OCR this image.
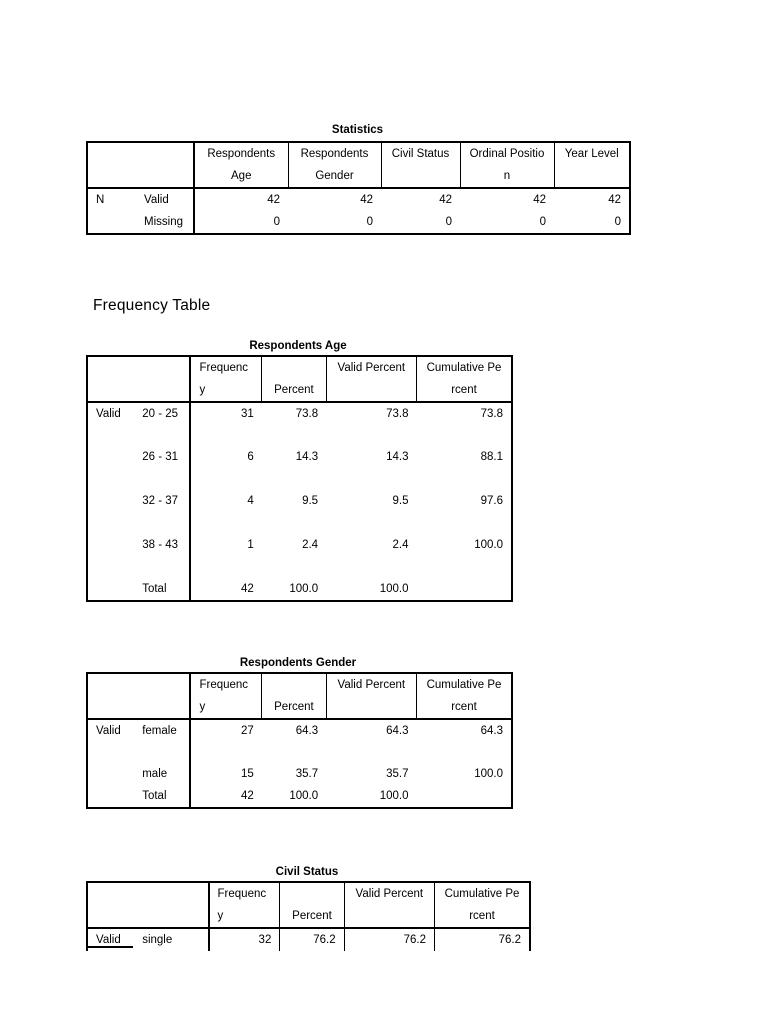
Statistics
		Respondents Age	Respondents Gender	Civil Status	Ordinal Position	Year Level
N	Valid	42	42	42	42	42
	Missing	0	0	0	0	0
Frequency Table
Respondents Age
		Frequency	Percent	Valid Percent	Cumulative Percent
Valid	20 - 25	31	73.8	73.8	73.8
	26 - 31	6	14.3	14.3	88.1
	32 - 37	4	9.5	9.5	97.6
	38 - 43	1	2.4	2.4	100.0
	Total	42	100.0	100.0	
Respondents Gender
		Frequency	Percent	Valid Percent	Cumulative Percent
Valid	female	27	64.3	64.3	64.3
	male	15	35.7	35.7	100.0
	Total	42	100.0	100.0	
Civil Status
		Frequency	Percent	Valid Percent	Cumulative Percent
Valid	single	32	76.2	76.2	76.2
